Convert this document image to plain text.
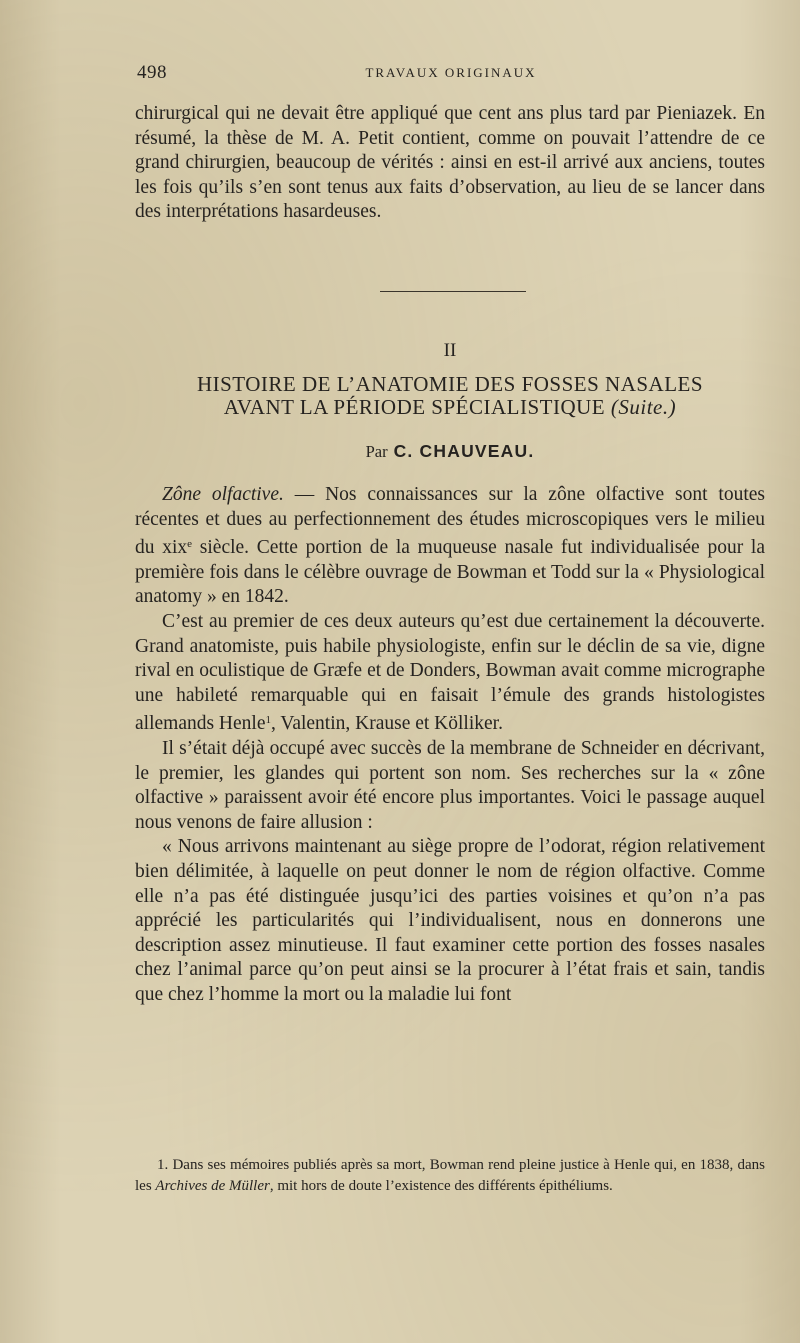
498	TRAVAUX ORIGINAUX

chirurgical qui ne devait être appliqué que cent ans plus tard par Pieniazek. En résumé, la thèse de M. A. Petit contient, comme on pouvait l’attendre de ce grand chirurgien, beaucoup de vérités : ainsi en est-il arrivé aux anciens, toutes les fois qu’ils s’en sont tenus aux faits d’observation, au lieu de se lancer dans des interprétations hasardeuses.

II
HISTOIRE DE L’ANATOMIE DES FOSSES NASALES
AVANT LA PÉRIODE SPÉCIALISTIQUE (Suite.)
Par C. CHAUVEAU.

Zône olfactive. — Nos connaissances sur la zône olfactive sont toutes récentes et dues au perfectionnement des études microscopiques vers le milieu du xix$^e$ siècle. Cette portion de la muqueuse nasale fut individualisée pour la première fois dans le célèbre ouvrage de Bowman et Todd sur la « Physiological anatomy » en 1842.

C’est au premier de ces deux auteurs qu’est due certainement la découverte. Grand anatomiste, puis habile physiologiste, enfin sur le déclin de sa vie, digne rival en oculistique de Græfe et de Donders, Bowman avait comme micrographe une habileté remarquable qui en faisait l’émule des grands histologistes allemands Henle$^1$, Valentin, Krause et Kölliker.

Il s’était déjà occupé avec succès de la membrane de Schneider en décrivant, le premier, les glandes qui portent son nom. Ses recherches sur la « zône olfactive » paraissent avoir été encore plus importantes. Voici le passage auquel nous venons de faire allusion :

« Nous arrivons maintenant au siège propre de l’odorat, région relativement bien délimitée, à laquelle on peut donner le nom de région olfactive. Comme elle n’a pas été distinguée jusqu’ici des parties voisines et qu’on n’a pas apprécié les particularités qui l’individualisent, nous en donnerons une description assez minutieuse. Il faut examiner cette portion des fosses nasales chez l’animal parce qu’on peut ainsi se la procurer à l’état frais et sain, tandis que chez l’homme la mort ou la maladie lui font

1. Dans ses mémoires publiés après sa mort, Bowman rend pleine justice à Henle qui, en 1838, dans les Archives de Müller, mit hors de doute l’existence des différents épithéliums.
